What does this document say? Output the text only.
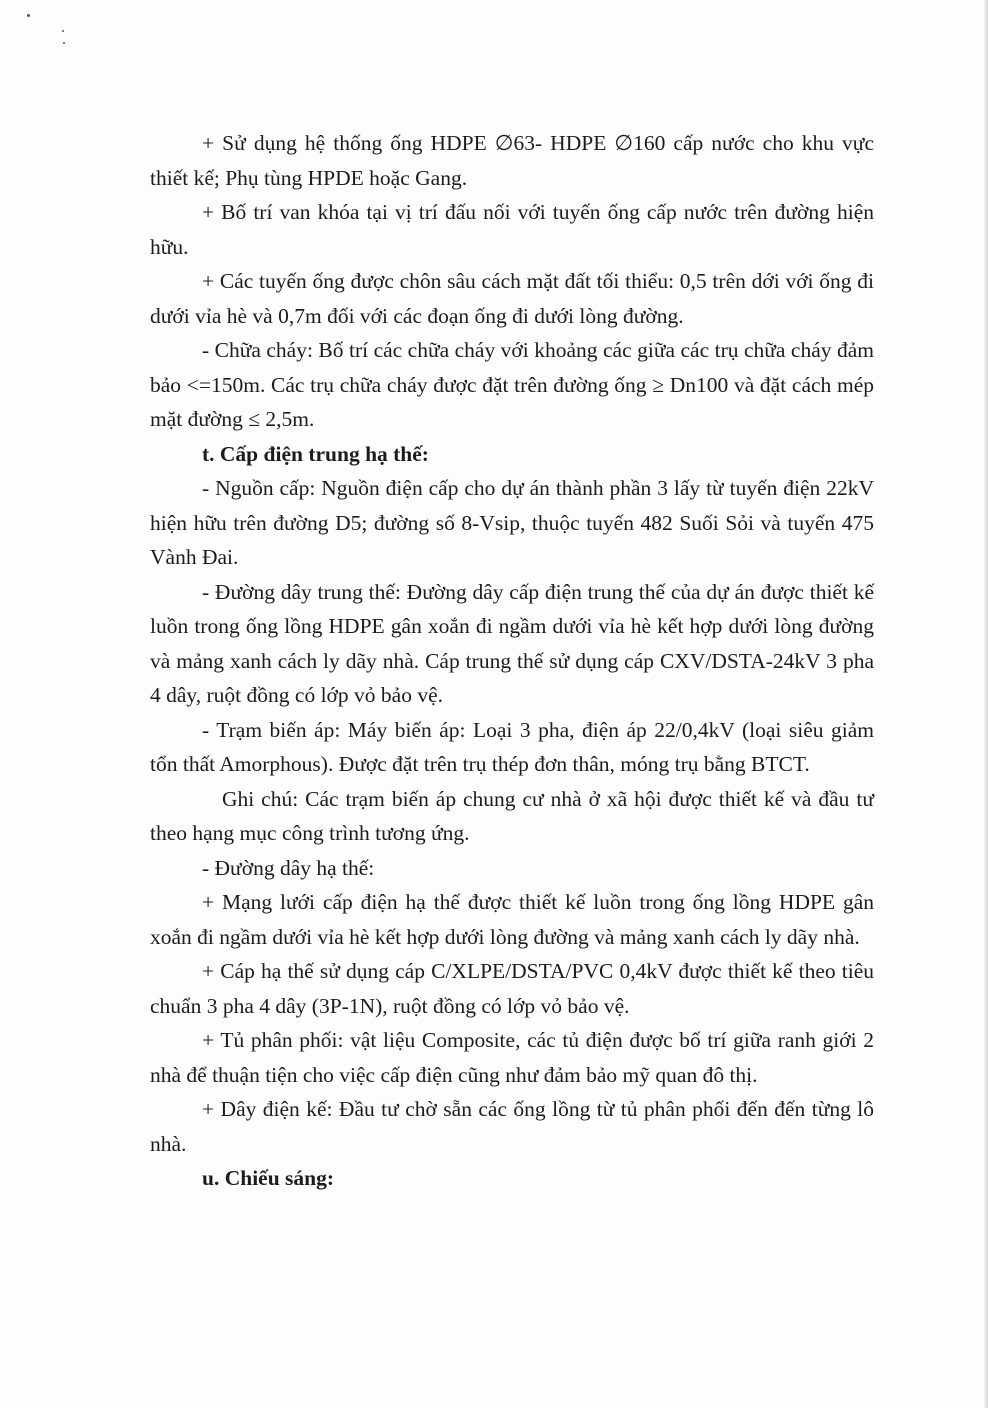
+ Sử dụng hệ thống ống HDPE ∅63- HDPE ∅160 cấp nước cho khu vực thiết kế; Phụ tùng HPDE hoặc Gang.

+ Bố trí van khóa tại vị trí đấu nối với tuyến ống cấp nước trên đường hiện hữu.

+ Các tuyến ống được chôn sâu cách mặt đất tối thiểu: 0,5 trên dới với ống đi dưới vỉa hè và 0,7m đối với các đoạn ống đi dưới lòng đường.

- Chữa cháy: Bố trí các chữa cháy với khoảng các giữa các trụ chữa cháy đảm bảo <=150m. Các trụ chữa cháy được đặt trên đường ống ≥ Dn100 và đặt cách mép mặt đường ≤ 2,5m.

t. Cấp điện trung hạ thế:

- Nguồn cấp: Nguồn điện cấp cho dự án thành phần 3 lấy từ tuyến điện 22kV hiện hữu trên đường D5; đường số 8-Vsip, thuộc tuyến 482 Suối Sỏi và tuyến 475 Vành Đai.

- Đường dây trung thế: Đường dây cấp điện trung thế của dự án được thiết kế luồn trong ống lồng HDPE gân xoắn đi ngầm dưới vỉa hè kết hợp dưới lòng đường và mảng xanh cách ly dãy nhà. Cáp trung thế sử dụng cáp CXV/DSTA-24kV 3 pha 4 dây, ruột đồng có lớp vỏ bảo vệ.

- Trạm biến áp: Máy biến áp: Loại 3 pha, điện áp 22/0,4kV (loại siêu giảm tổn thất Amorphous). Được đặt trên trụ thép đơn thân, móng trụ bằng BTCT.

Ghi chú: Các trạm biến áp chung cư nhà ở xã hội được thiết kế và đầu tư theo hạng mục công trình tương ứng.

- Đường dây hạ thế:

+ Mạng lưới cấp điện hạ thế được thiết kế luồn trong ống lồng HDPE gân xoắn đi ngầm dưới vỉa hè kết hợp dưới lòng đường và mảng xanh cách ly dãy nhà.

+ Cáp hạ thế sử dụng cáp C/XLPE/DSTA/PVC 0,4kV được thiết kế theo tiêu chuẩn 3 pha 4 dây (3P-1N), ruột đồng có lớp vỏ bảo vệ.

+ Tủ phân phối: vật liệu Composite, các tủ điện được bố trí giữa ranh giới 2 nhà để thuận tiện cho việc cấp điện cũng như đảm bảo mỹ quan đô thị.

+ Dây điện kế: Đầu tư chờ sẵn các ống lồng từ tủ phân phối đến đến từng lô nhà.

u. Chiếu sáng:
